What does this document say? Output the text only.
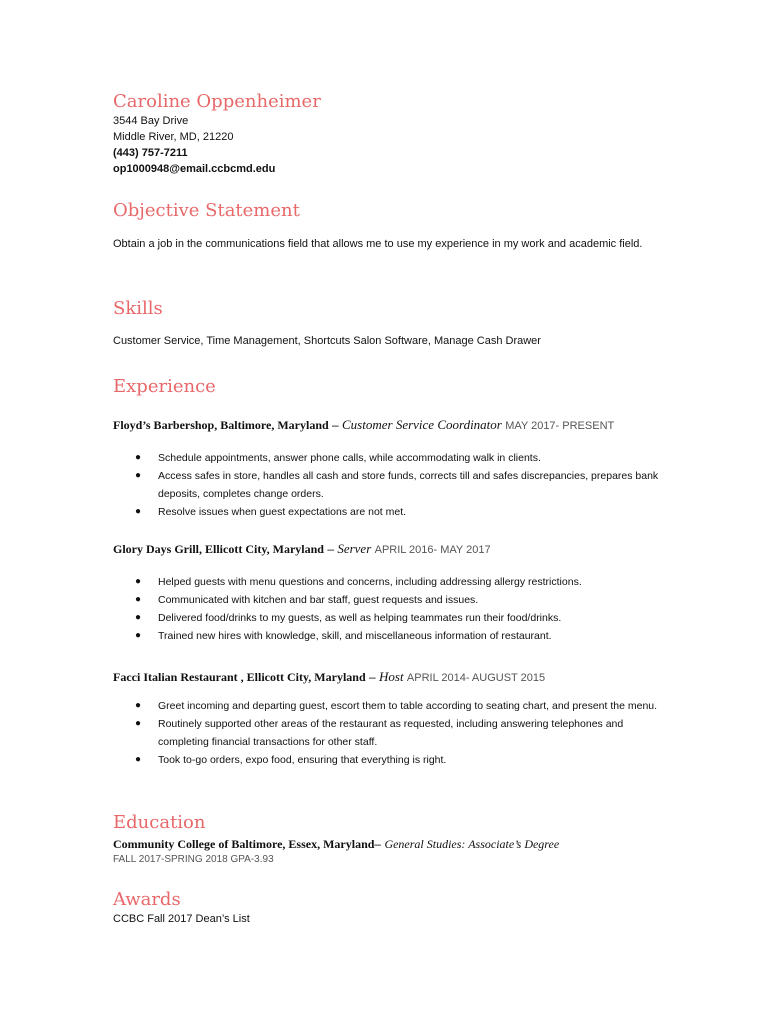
Caroline Oppenheimer
3544 Bay Drive
Middle River, MD, 21220
(443) 757-7211
op1000948@email.ccbcmd.edu
Objective Statement
Obtain a job in the communications field that allows me to use my experience in my work and academic field.
Skills
Customer Service, Time Management, Shortcuts Salon Software, Manage Cash Drawer
Experience
Floyd’s Barbershop, Baltimore, Maryland – Customer Service Coordinator MAY 2017- PRESENT
● Schedule appointments, answer phone calls, while accommodating walk in clients.
● Access safes in store, handles all cash and store funds, corrects till and safes discrepancies, prepares bank deposits, completes change orders.
● Resolve issues when guest expectations are not met.
Glory Days Grill, Ellicott City, Maryland – Server APRIL 2016- MAY 2017
● Helped guests with menu questions and concerns, including addressing allergy restrictions.
● Communicated with kitchen and bar staff, guest requests and issues.
● Delivered food/drinks to my guests, as well as helping teammates run their food/drinks.
● Trained new hires with knowledge, skill, and miscellaneous information of restaurant.
Facci Italian Restaurant , Ellicott City, Maryland – Host APRIL 2014- AUGUST 2015
● Greet incoming and departing guest, escort them to table according to seating chart, and present the menu.
● Routinely supported other areas of the restaurant as requested, including answering telephones and completing financial transactions for other staff.
● Took to-go orders, expo food, ensuring that everything is right.
Education
Community College of Baltimore, Essex, Maryland– General Studies: Associate’s Degree
FALL 2017-SPRING 2018 GPA-3.93
Awards
CCBC Fall 2017 Dean’s List
